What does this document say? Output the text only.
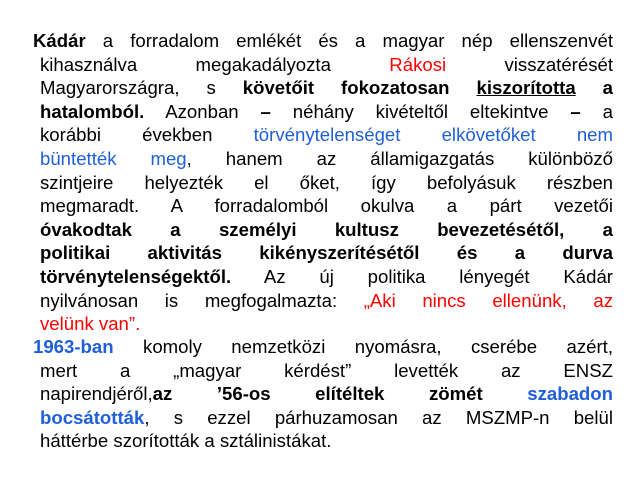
Kádár a forradalom emlékét és a magyar nép ellenszenvét
kihasználva megakadályozta Rákosi visszatérését
Magyarországra, s követőit fokozatosan kiszorította a
hatalomból. Azonban – néhány kivételtől eltekintve – a
korábbi években törvénytelenséget elkövetőket nem
büntették meg, hanem az államigazgatás különböző
szintjeire helyezték el őket, így befolyásuk részben
megmaradt. A forradalomból okulva a párt vezetői
óvakodtak a személyi kultusz bevezetésétől, a
politikai aktivitás kikényszerítésétől és a durva
törvénytelenségektől. Az új politika lényegét Kádár
nyilvánosan is megfogalmazta: „Aki nincs ellenünk, az
velünk van”.
1963-ban komoly nemzetközi nyomásra, cserébe azért,
mert a „magyar kérdést” levették az ENSZ
napirendjéről,az ’56-os elítéltek zömét szabadon
bocsátották, s ezzel párhuzamosan az MSZMP-n belül
háttérbe szorították a sztálinistákat.
